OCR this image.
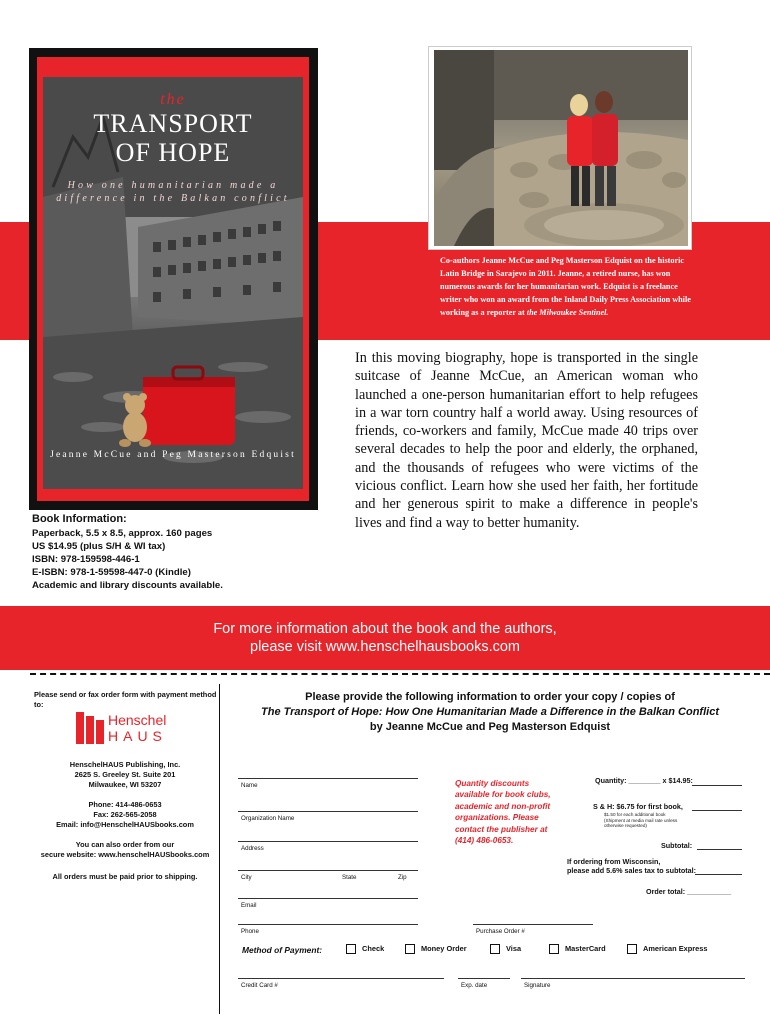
the
TRANSPORT
OF HOPE
How one humanitarian made a
difference in the Balkan conflict
Jeanne McCue and Peg Masterson Edquist
Co-authors Jeanne McCue and Peg Masterson Edquist on the historic Latin Bridge in Sarajevo in 2011. Jeanne, a retired nurse, has won numerous awards for her humanitarian work. Edquist is a freelance writer who won an award from the Inland Daily Press Association while working as a reporter at the Milwaukee Sentinel.
In this moving biography, hope is transported in the single suitcase of Jeanne McCue, an American woman who launched a one-person humanitarian effort to help refugees in a war torn country half a world away. Using resources of friends, co-workers and family, McCue made 40 trips over several decades to help the poor and elderly, the orphaned, and the thousands of refugees who were victims of the vicious conflict. Learn how she used her faith, her fortitude and her generous spirit to make a difference in people's lives and find a way to better humanity.
Book Information:
Paperback, 5.5 x 8.5, approx. 160 pages
US $14.95 (plus S/H & WI tax)
ISBN: 978-159598-446-1
E-ISBN: 978-1-59598-447-0 (Kindle)
Academic and library discounts available.
For more information about the book and the authors,
please visit www.henschelhausbooks.com
Please send or fax order form with payment method to:
Henschel
HAUS
HenschelHAUS Publishing, Inc.
2625 S. Greeley St. Suite 201
Milwaukee, WI 53207
Phone: 414-486-0653
Fax: 262-565-2058
Email: info@HenschelHAUSbooks.com
You can also order from our
secure website: www.henschelHAUSbooks.com
All orders must be paid prior to shipping.
Please provide the following information to order your copy / copies of
The Transport of Hope: How One Humanitarian Made a Difference in the Balkan Conflict
by Jeanne McCue and Peg Masterson Edquist
Name
Organization Name
Address
City	State	Zip
Email
Phone	Purchase Order #
Quantity discounts available for book clubs, academic and non-profit organizations. Please contact the publisher at (414) 486-0653.
Quantity: ________ x $14.95:
S & H: $6.75 for first book,
$1.50 for each additional book (Shipment at media mail rate unless otherwise requested)
Subtotal:
If ordering from Wisconsin,
please add 5.6% sales tax to subtotal:
Order total: ___________
Method of Payment:	Check	Money Order	Visa	MasterCard	American Express
Credit Card #	Exp. date	Signature
